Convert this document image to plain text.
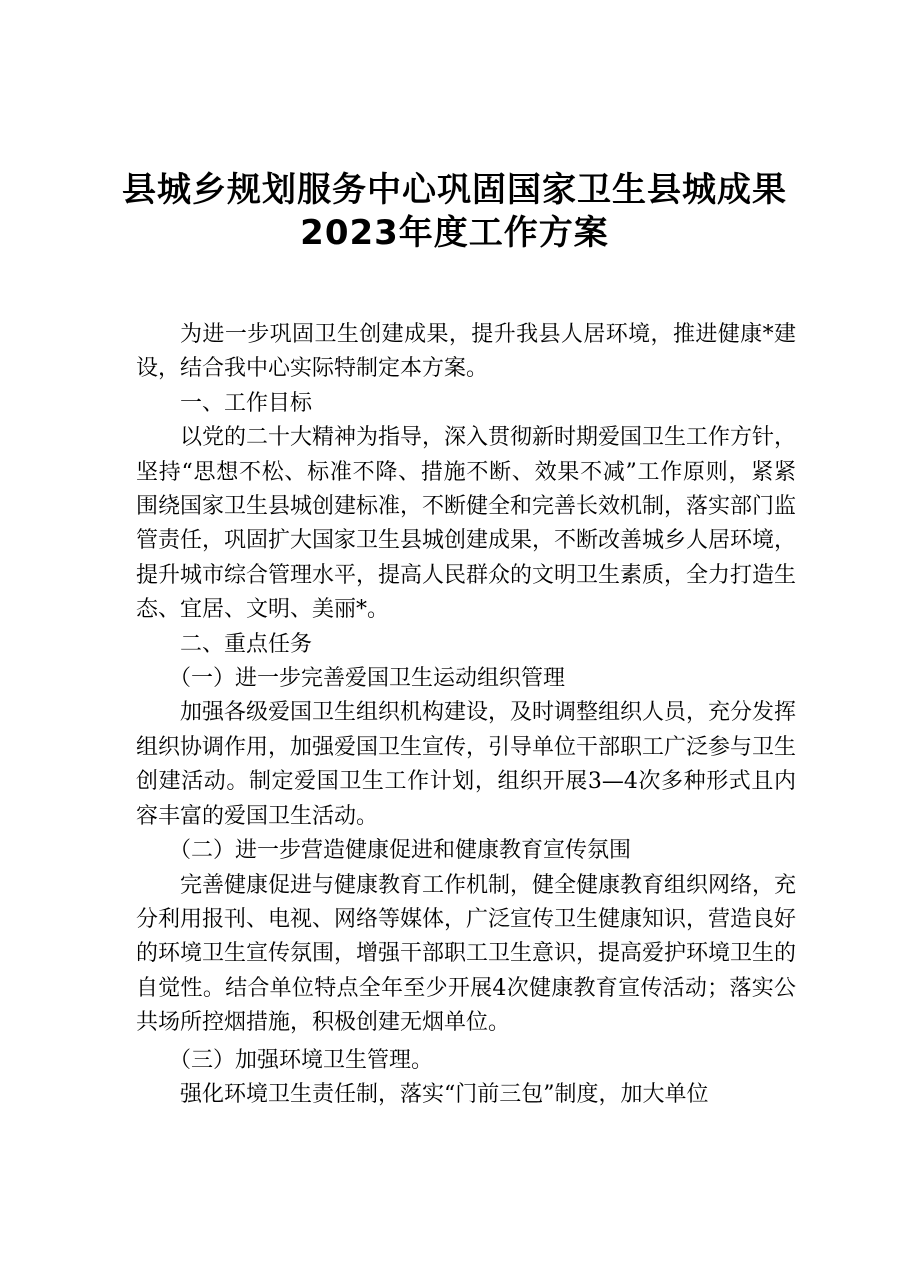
县城乡规划服务中心巩固国家卫生县城成果
2023年度工作方案

为进一步巩固卫生创建成果，提升我县人居环境，推进健康*建设，结合我中心实际特制定本方案。

一、工作目标

以党的二十大精神为指导，深入贯彻新时期爱国卫生工作方针，坚持“思想不松、标准不降、措施不断、效果不减”工作原则，紧紧围绕国家卫生县城创建标准，不断健全和完善长效机制，落实部门监管责任，巩固扩大国家卫生县城创建成果，不断改善城乡人居环境，提升城市综合管理水平，提高人民群众的文明卫生素质，全力打造生态、宜居、文明、美丽*。

二、重点任务

（一）进一步完善爱国卫生运动组织管理

加强各级爱国卫生组织机构建设，及时调整组织人员，充分发挥组织协调作用，加强爱国卫生宣传，引导单位干部职工广泛参与卫生创建活动。制定爱国卫生工作计划，组织开展3—4次多种形式且内容丰富的爱国卫生活动。

（二）进一步营造健康促进和健康教育宣传氛围

完善健康促进与健康教育工作机制，健全健康教育组织网络，充分利用报刊、电视、网络等媒体，广泛宣传卫生健康知识，营造良好的环境卫生宣传氛围，增强干部职工卫生意识，提高爱护环境卫生的自觉性。结合单位特点全年至少开展4次健康教育宣传活动；落实公共场所控烟措施，积极创建无烟单位。

（三）加强环境卫生管理。

强化环境卫生责任制，落实“门前三包”制度，加大单位
